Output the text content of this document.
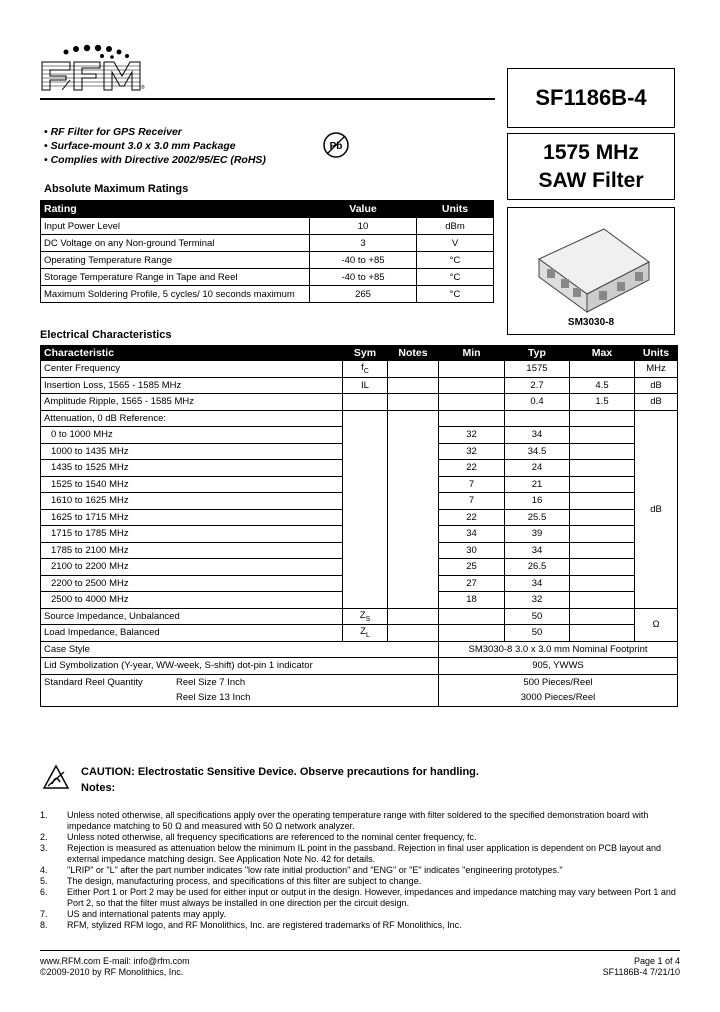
®	SF1186B-4
1575 MHz
SAW Filter
SM3030-8
• RF Filter for GPS Receiver
• Surface-mount 3.0 x 3.0 mm Package
• Complies with Directive 2002/95/EC (RoHS)
Pb
Absolute Maximum Ratings
Rating	Value	Units
Input Power Level	10	dBm
DC Voltage on any Non-ground Terminal	3	V
Operating Temperature Range	-40 to +85	°C
Storage Temperature Range in Tape and Reel	-40 to +85	°C
Maximum Soldering Profile, 5 cycles/ 10 seconds maximum	265	°C
Electrical Characteristics
Characteristic	Sym	Notes	Min	Typ	Max	Units
Center Frequency	$f_C$			1575		MHz
Insertion Loss, 1565 - 1585 MHz	IL			2.7	4.5	dB
Amplitude Ripple, 1565 - 1585 MHz				0.4	1.5	dB
Attenuation, 0 dB Reference:						dB
0 to 1000 MHz			32	34		
1000 to 1435 MHz			32	34.5		
1435 to 1525 MHz			22	24		
1525 to 1540 MHz			7	21		
1610 to 1625 MHz			7	16		
1625 to 1715 MHz			22	25.5		
1715 to 1785 MHz			34	39		
1785 to 2100 MHz			30	34		
2100 to 2200 MHz			25	26.5		
2200 to 2500 MHz			27	34		
2500 to 4000 MHz			18	32		
Source Impedance, Unbalanced	$Z_S$			50		Ω
Load Impedance, Balanced	$Z_L$			50		
Case Style			SM3030-8 3.0 x 3.0 mm Nominal Footprint			
Lid Symbolization (Y-year, WW-week, S-shift) dot-pin 1 indicator			905, YWWS			

Standard Reel Quantity Reel Size 7 Inch			500 Pieces/Reel			

Reel Size 13 Inch			3000 Pieces/Reel			
CAUTION: Electrostatic Sensitive Device. Observe precautions for handling.
Notes:
1.	Unless noted otherwise, all specifications apply over the operating temperature range with filter soldered to the specified demonstration board with impedance matching to 50 Ω and measured with 50 Ω network analyzer.
2.	Unless noted otherwise, all frequency specifications are referenced to the nominal center frequency, fc.
3.	Rejection is measured as attenuation below the minimum IL point in the passband. Rejection in final user application is dependent on PCB layout and external impedance matching design. See Application Note No. 42 for details.
4.	"LRIP" or "L" after the part number indicates "low rate initial production" and "ENG" or "E" indicates "engineering prototypes."
5.	The design, manufacturing process, and specifications of this filter are subject to change.
6.	Either Port 1 or Port 2 may be used for either input or output in the design. However, impedances and impedance matching may vary between Port 1 and Port 2, so that the filter must always be installed in one direction per the circuit design.
7.	US and international patents may apply.
8.	RFM, stylized RFM logo, and RF Monolithics, Inc. are registered trademarks of RF Monolithics, Inc.
www.RFM.com E-mail: info@rfm.com
©2009-2010 by RF Monolithics, Inc.
Page 1 of 4
SF1186B-4 7/21/10
